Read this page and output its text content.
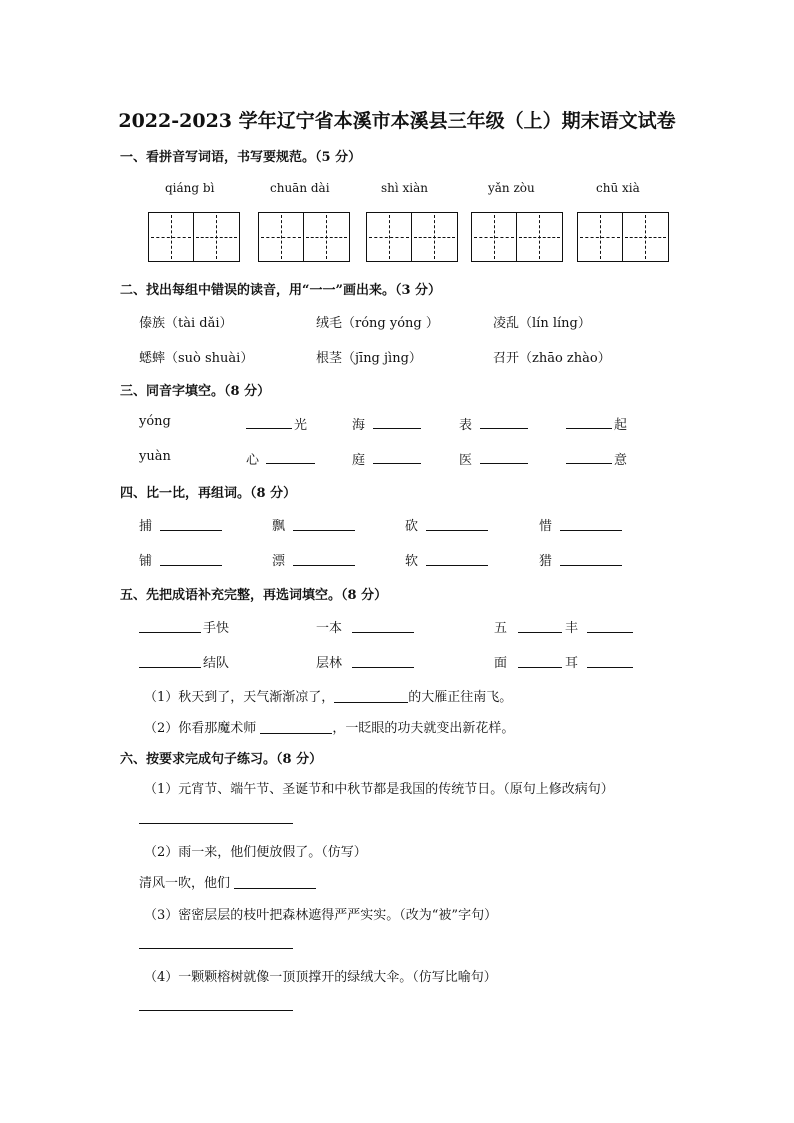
2022-2023 学年辽宁省本溪市本溪县三年级（上）期末语文试卷
一、看拼音写词语，书写要规范。（5 分）
qiáng bì	chuān dài	shì xiàn	yǎn zòu	chū xià
二、找出每组中错误的读音，用“一一”画出来。（3 分）
傣族（tài dǎi）	绒毛（róng yóng ）	凌乱（lín líng）
蟋蟀（suò shuài）	根茎（jīng jìng）	召开（zhāo zhào）
三、同音字填空。（8 分）
yóng	光	海	表	起
yuàn	心	庭	医	意
四、比一比，再组词。（8 分）
捕	飘	砍	惜
铺	漂	软	猎
五、先把成语补充完整，再选词填空。（8 分）
手快	一本	五	丰
结队	层林	面	耳
（1）秋天到了，天气渐渐凉了，	的大雁正往南飞。
（2）你看那魔术师	，一眨眼的功夫就变出新花样。
六、按要求完成句子练习。（8 分）
（1）元宵节、端午节、圣诞节和中秋节都是我国的传统节日。（原句上修改病句）
（2）雨一来，他们便放假了。（仿写）
清风一吹，他们
（3）密密层层的枝叶把森林遮得严严实实。（改为“被”字句）
（4）一颗颗榕树就像一顶顶撑开的绿绒大伞。（仿写比喻句）
